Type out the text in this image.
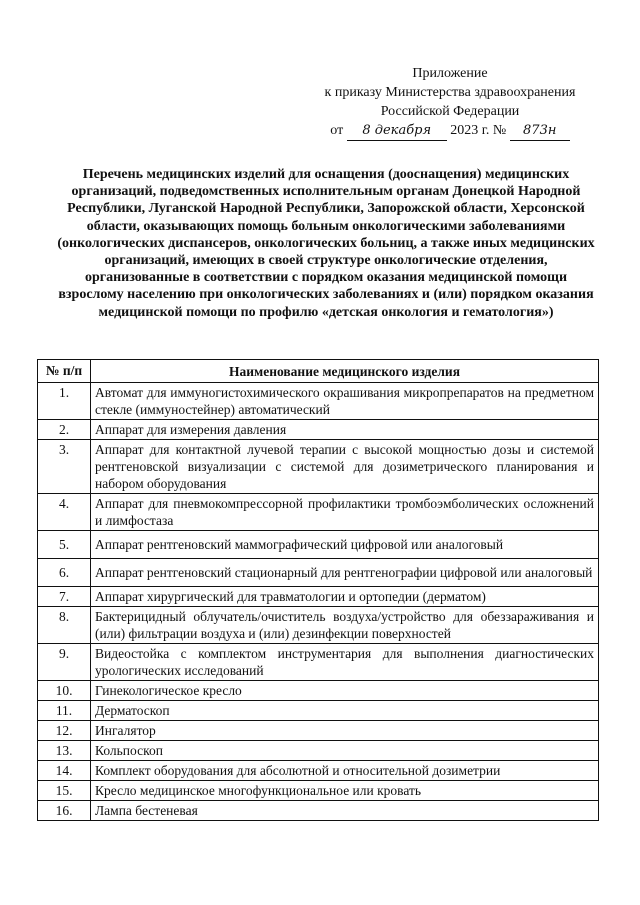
Приложение
к приказу Министерства здравоохранения
Российской Федерации
от 8 декабря 2023 г. № 873н
Перечень медицинских изделий для оснащения (дооснащения) медицинских организаций, подведомственных исполнительным органам Донецкой Народной Республики, Луганской Народной Республики, Запорожской области, Херсонской области, оказывающих помощь больным онкологическими заболеваниями (онкологических диспансеров, онкологических больниц, а также иных медицинских организаций, имеющих в своей структуре онкологические отделения, организованные в соответствии с порядком оказания медицинской помощи взрослому населению при онкологических заболеваниях и (или) порядком оказания медицинской помощи по профилю «детская онкология и гематология»)
№ п/п	Наименование медицинского изделия
1.	Автомат для иммуногистохимического окрашивания микропрепаратов на предметном стекле (иммуностейнер) автоматический
2.	Аппарат для измерения давления
3.	Аппарат для контактной лучевой терапии с высокой мощностью дозы и системой рентгеновской визуализации с системой для дозиметрического планирования и набором оборудования
4.	Аппарат для пневмокомпрессорной профилактики тромбоэмболических осложнений и лимфостаза
5.	Аппарат рентгеновский маммографический цифровой или аналоговый
6.	Аппарат рентгеновский стационарный для рентгенографии цифровой или аналоговый
7.	Аппарат хирургический для травматологии и ортопедии (дерматом)
8.	Бактерицидный облучатель/очиститель воздуха/устройство для обеззараживания и (или) фильтрации воздуха и (или) дезинфекции поверхностей
9.	Видеостойка с комплектом инструментария для выполнения диагностических урологических исследований
10.	Гинекологическое кресло
11.	Дерматоскоп
12.	Ингалятор
13.	Кольпоскоп
14.	Комплект оборудования для абсолютной и относительной дозиметрии
15.	Кресло медицинское многофункциональное или кровать
16.	Лампа бестеневая
